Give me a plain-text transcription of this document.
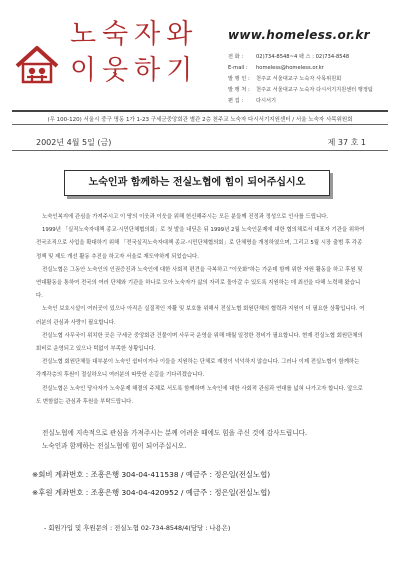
노숙자와
이웃하기
www.homeless.or.kr
전 화 : 02)734-8548~4 팩 스 : 02)734-8548
E-mail : homeless@homeless.or.kr
발 행 인 : 천주교 서울대교구 노숙자 사목위원회
발 행 처 : 천주교 서울대교구 노숙자 다시서기지원센터 행정팀
편 집 : 다시서기
(우 100-120) 서울시 중구 명동 1가 1-23 구세군중앙회관 별관 2층 천주교 노숙자 다시서기지원센터 / 서울 노숙자 사목위원회
2002년 4월 5일 (금)	제 37 호 1
노숙인과 함께하는 전실노협에 힘이 되어주십시오

노숙인복지에 관심을 가져주시고 이 땅의 이웃과 이웃을 위해 헌신해주시는 모든 분들께 진정과 정성으로 인사를 드립니다.

1999년 「실직노숙자대책 종교·시민단체협의회」로 첫 발을 내딛은 뒤 1999년 2월 노숙인문제에 대한 협의체로서 대표자 기관을 위하여 전국조직으로 사업을 확대하기 위해 「전국실직노숙자대책 종교·시민단체협의회」로 단체명을 개칭하였으며, 그리고 5월 시장 출범 후 각종 정책 및 제도 개선 활동 추진을 하고자 서울로 재도약하게 되었습니다.

전실노협은 그동안 노숙인의 인권증진과 노숙인에 대한 사회적 편견을 극복하고 "이웃화"하는 가운데 함께 위한 자원 활동을 하고 후원 및 연대활동을 통하여 전국의 여러 단체와 기관을 하나로 모아 노숙자가 삶의 자리로 돌아갈 수 있도록 지원하는 데 최선을 다해 노력해 왔습니다.

노숙인 보호시설이 여러곳이 있으나 아직은 실질적인 자활 및 보호를 위해서 전실노협 회원단체의 협력과 지원이 더 필요한 상황입니다. 여러분의 관심과 사랑이 필요합니다.

전실노협 사무국이 위치한 곳은 구세군 중앙회관 건물이며 사무국 운영을 위해 매월 일정한 경비가 필요합니다. 현재 전실노협 회원단체의 회비로 운영되고 있으나 턱없이 부족한 상황입니다.

전실노협 회원단체들 대부분이 노숙인 쉼터이거나 이들을 지원하는 단체로 재정이 넉넉하지 않습니다. 그러나 이제 전실노협이 함께하는 각계각층의 후원이 절실하오니 여러분의 따뜻한 손길을 기다리겠습니다.

전실노협은 노숙인 당사자가 노숙문제 해결의 주체로 서도록 함께하며 노숙인에 대한 사회적 관심과 연대를 넓혀 나가고자 합니다. 앞으로도 변함없는 관심과 후원을 부탁드립니다.

전실노협에 지속적으로 관심을 가져주시는 분께 어려운 때에도 힘을 주신 것에 감사드립니다.

노숙인과 함께하는 전실노협에 힘이 되어주십시오.

※회비 계좌번호 : 조흥은행 304-04-411538 / 예금주 : 정은일(전실노협)
※후원 계좌번호 : 조흥은행 304-04-420952 / 예금주 : 정은일(전실노협)
- 회원가입 및 후원문의 : 전실노협 02-734-8548/4(담당 : 나용은)
